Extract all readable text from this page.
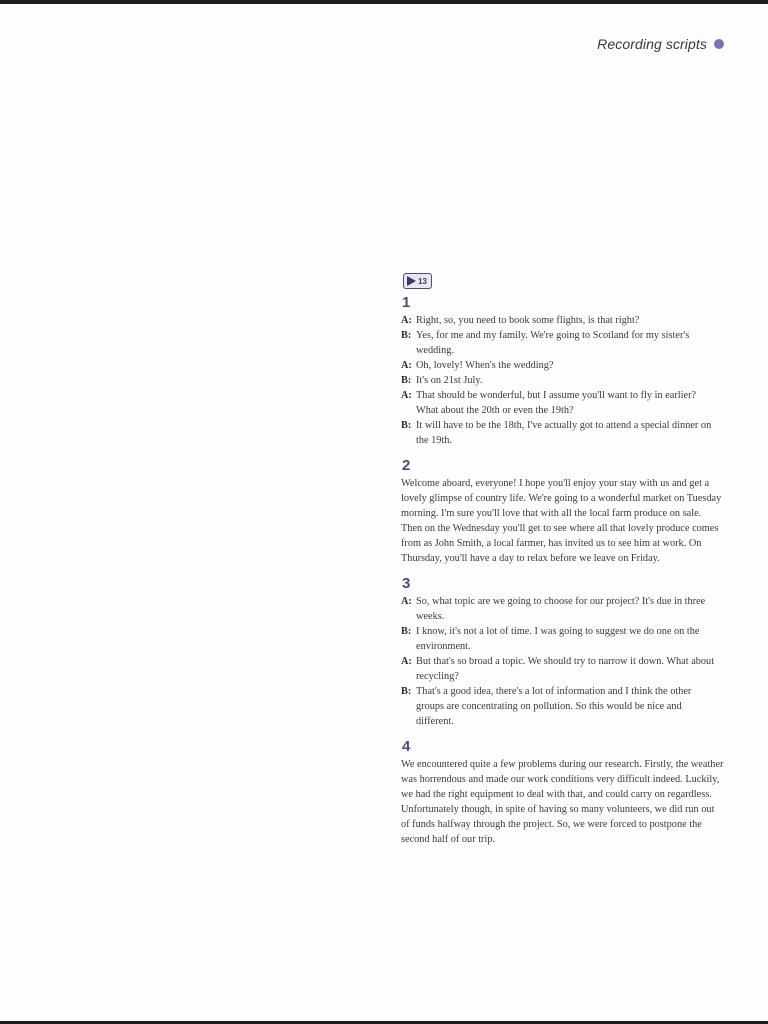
Recording scripts
13
1
A: Right, so, you need to book some flights, is that right?
B: Yes, for me and my family. We're going to Scotland for my sister's wedding.
A: Oh, lovely! When's the wedding?
B: It's on 21st July.
A: That should be wonderful, but I assume you'll want to fly in earlier? What about the 20th or even the 19th?
B: It will have to be the 18th, I've actually got to attend a special dinner on the 19th.
2

Welcome aboard, everyone! I hope you'll enjoy your stay with us and get a lovely glimpse of country life. We're going to a wonderful market on Tuesday morning. I'm sure you'll love that with all the local farm produce on sale. Then on the Wednesday you'll get to see where all that lovely produce comes from as John Smith, a local farmer, has invited us to see him at work. On Thursday, you'll have a day to relax before we leave on Friday.

3
A: So, what topic are we going to choose for our project? It's due in three weeks.
B: I know, it's not a lot of time. I was going to suggest we do one on the environment.
A: But that's so broad a topic. We should try to narrow it down. What about recycling?
B: That's a good idea, there's a lot of information and I think the other groups are concentrating on pollution. So this would be nice and different.
4

We encountered quite a few problems during our research. Firstly, the weather was horrendous and made our work conditions very difficult indeed. Luckily, we had the right equipment to deal with that, and could carry on regardless. Unfortunately though, in spite of having so many volunteers, we did run out of funds halfway through the project. So, we were forced to postpone the second half of our trip.
